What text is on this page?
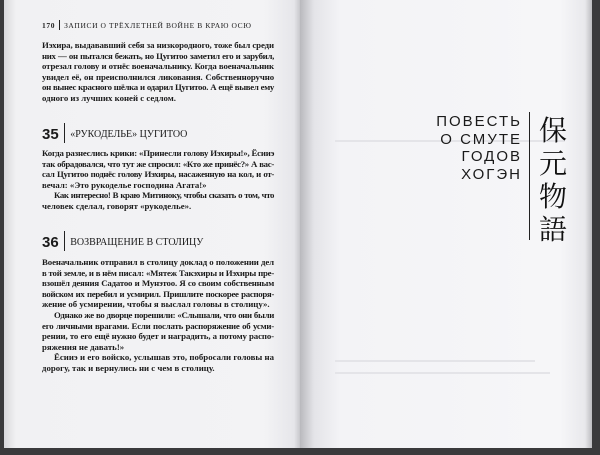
170 ЗАПИСИ О ТРЁХЛЕТНЕЙ ВОЙНЕ В КРАЮ ОСЮ
Иэхира, выдававший себя за низкородного, тоже был среди
них — он пытался бежать, но Цугитоо заметил его и зарубил,
отрезал голову и отнёс военачальнику. Когда военачальник
увидел её, он преисполнился ликования. Собственноручно
он вынес красного шёлка и одарил Цугитоо. А ещё вывел ему
одного из лучших коней с седлом.
35 «РУКОДЕЛЬЕ» ЦУГИТОО
Когда разнеслись крики: «Принесли голову Иэхиры!», Ёсииэ
так обрадовался, что тут же спросил: «Кто же принёс?» А вас-
сал Цугитоо поднёс голову Иэхиры, насаженную на кол, и от-
вечал: «Это рукоделье господина Агата!»
Как интересно! В краю Митиноку, чтобы сказать о том, что
человек сделал, говорят «рукоделье».
36 ВОЗВРАЩЕНИЕ В СТОЛИЦУ
Военачальник отправил в столицу доклад о положении дел
в той земле, и в нём писал: «Мятеж Такэхиры и Иэхиры пре-
взошёл деяния Садатоо и Мунэтоо. Я со своим собственным
войском их перебил и усмирил. Пришлите поскорее распоря-
жение об усмирении, чтобы я выслал головы в столицу».
Однако же во дворце порешили: «Слышали, что они были
его личными врагами. Если послать распоряжение об усми-
рении, то его ещё нужно будет и наградить, а потому распо-
ряжения не давать!»
Ёсииэ и его войско, услышав это, побросали головы на
дорогу, так и вернулись ни с чем в столицу.
ПОВЕСТЬ
О СМУТЕ
ГОДОВ
ХОГЭН
保
元
物
語
